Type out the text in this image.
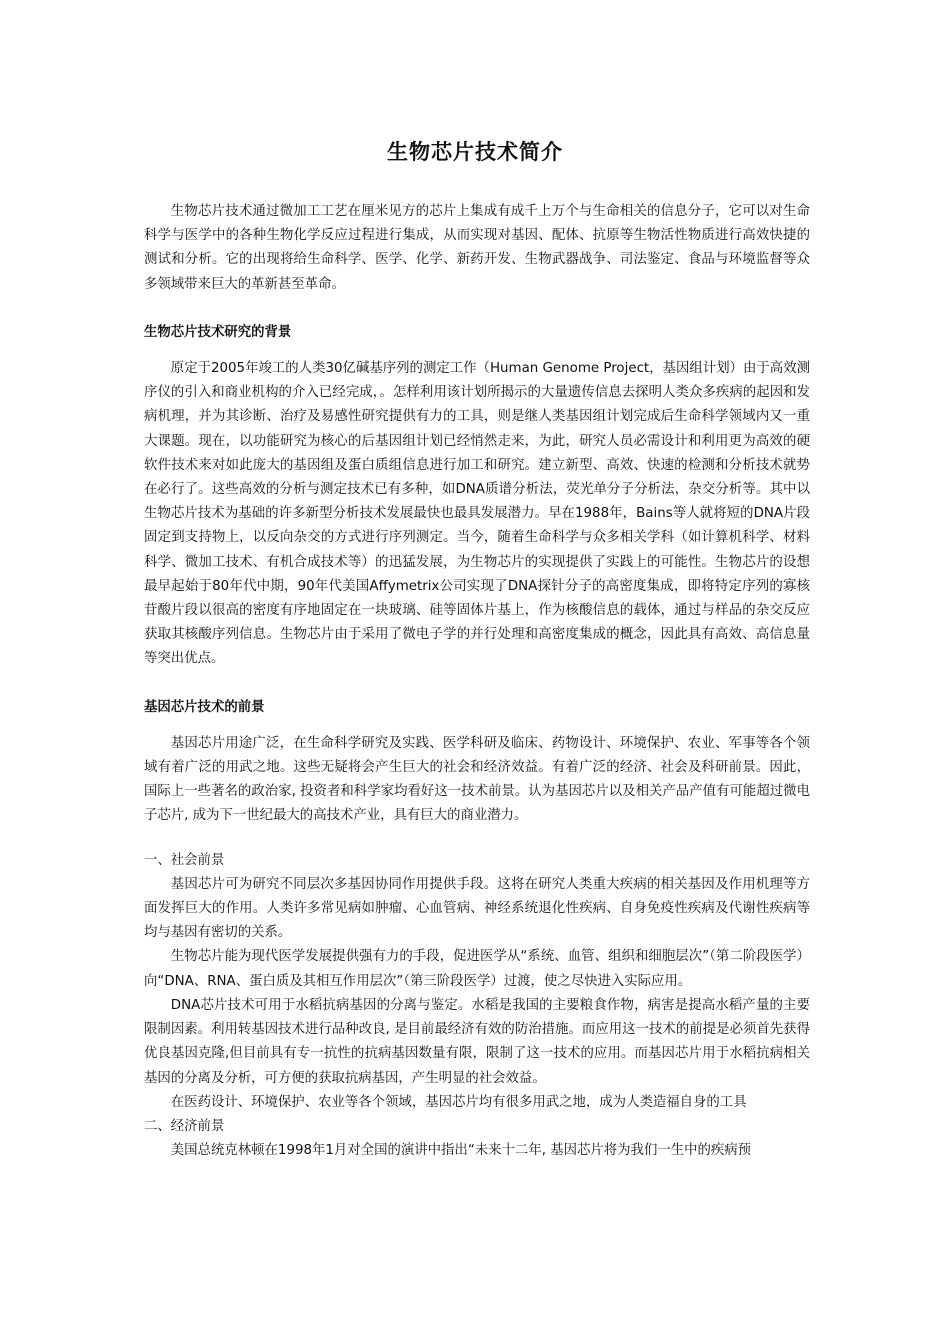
生物芯片技术简介

生物芯片技术通过微加工工艺在厘米见方的芯片上集成有成千上万个与生命相关的信息分子，它可以对生命科学与医学中的各种生物化学反应过程进行集成，从而实现对基因、配体、抗原等生物活性物质进行高效快捷的测试和分析。它的出现将给生命科学、医学、化学、新药开发、生物武器战争、司法鉴定、食品与环境监督等众多领域带来巨大的革新甚至革命。

生物芯片技术研究的背景

原定于2005年竣工的人类30亿碱基序列的测定工作（Human Genome Project，基因组计划）由于高效测序仪的引入和商业机构的介入已经完成，。怎样利用该计划所揭示的大量遗传信息去探明人类众多疾病的起因和发病机理，并为其诊断、治疗及易感性研究提供有力的工具，则是继人类基因组计划完成后生命科学领域内又一重大课题。现在，以功能研究为核心的后基因组计划已经悄然走来，为此，研究人员必需设计和利用更为高效的硬软件技术来对如此庞大的基因组及蛋白质组信息进行加工和研究。建立新型、高效、快速的检测和分析技术就势在必行了。这些高效的分析与测定技术已有多种，如DNA质谱分析法，荧光单分子分析法，杂交分析等。其中以生物芯片技术为基础的许多新型分析技术发展最快也最具发展潜力。早在1988年，Bains等人就将短的DNA片段固定到支持物上，以反向杂交的方式进行序列测定。当今，随着生命科学与众多相关学科（如计算机科学、材料科学、微加工技术、有机合成技术等）的迅猛发展，为生物芯片的实现提供了实践上的可能性。生物芯片的设想最早起始于80年代中期，90年代美国Affymetrix公司实现了DNA探针分子的高密度集成，即将特定序列的寡核苷酸片段以很高的密度有序地固定在一块玻璃、硅等固体片基上，作为核酸信息的载体，通过与样品的杂交反应获取其核酸序列信息。生物芯片由于采用了微电子学的并行处理和高密度集成的概念，因此具有高效、高信息量等突出优点。

基因芯片技术的前景

基因芯片用途广泛，在生命科学研究及实践、医学科研及临床、药物设计、环境保护、农业、军事等各个领域有着广泛的用武之地。这些无疑将会产生巨大的社会和经济效益。有着广泛的经济、社会及科研前景。因此，国际上一些著名的政治家, 投资者和科学家均看好这一技术前景。认为基因芯片以及相关产品产值有可能超过微电子芯片, 成为下一世纪最大的高技术产业，具有巨大的商业潜力。

一、社会前景

基因芯片可为研究不同层次多基因协同作用提供手段。这将在研究人类重大疾病的相关基因及作用机理等方面发挥巨大的作用。人类许多常见病如肿瘤、心血管病、神经系统退化性疾病、自身免疫性疾病及代谢性疾病等均与基因有密切的关系。

生物芯片能为现代医学发展提供强有力的手段，促进医学从“系统、血管、组织和细胞层次”（第二阶段医学）向“DNA、RNA、蛋白质及其相互作用层次”（第三阶段医学）过渡，使之尽快进入实际应用。

DNA芯片技术可用于水稻抗病基因的分离与鉴定。水稻是我国的主要粮食作物，病害是提高水稻产量的主要限制因素。利用转基因技术进行品种改良, 是目前最经济有效的防治措施。而应用这一技术的前提是必须首先获得优良基因克隆,但目前具有专一抗性的抗病基因数量有限，限制了这一技术的应用。而基因芯片用于水稻抗病相关基因的分离及分析，可方便的获取抗病基因，产生明显的社会效益。

在医药设计、环境保护、农业等各个领域，基因芯片均有很多用武之地，成为人类造福自身的工具

二、经济前景

美国总统克林顿在1998年1月对全国的演讲中指出“未来十二年, 基因芯片将为我们一生中的疾病预
